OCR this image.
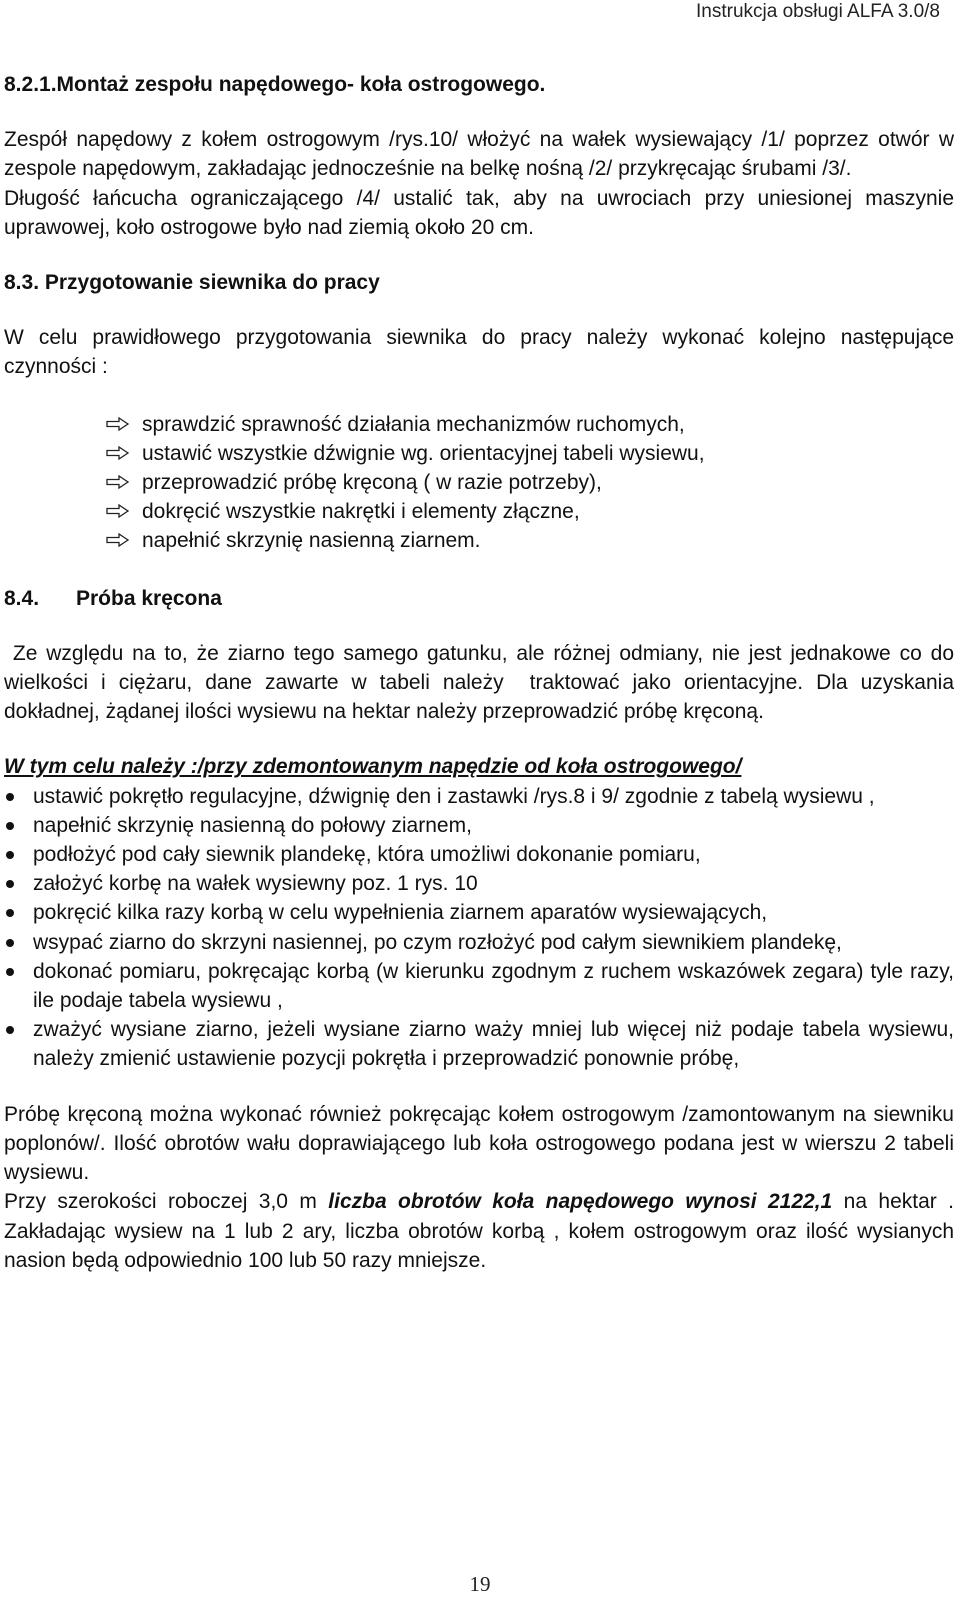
Instrukcja obsługi ALFA 3.0/8

8.2.1.Montaż zespołu napędowego- koła ostrogowego.

Zespół napędowy z kołem ostrogowym /rys.10/ włożyć na wałek wysiewający /1/ poprzez otwór w zespole napędowym, zakładając jednocześnie na belkę nośną /2/ przykręcając śrubami /3/.

Długość łańcucha ograniczającego /4/ ustalić tak, aby na uwrociach przy uniesionej maszynie uprawowej, koło ostrogowe było nad ziemią około 20 cm.

8.3. Przygotowanie siewnika do pracy

W celu prawidłowego przygotowania siewnika do pracy należy wykonać kolejno następujące czynności :

sprawdzić sprawność działania mechanizmów ruchomych,
ustawić wszystkie dźwignie wg. orientacyjnej tabeli wysiewu,
przeprowadzić próbę kręconą ( w razie potrzeby),
dokręcić wszystkie nakrętki i elementy złączne,
napełnić skrzynię nasienną ziarnem.

8.4. Próba kręcona

Ze względu na to, że ziarno tego samego gatunku, ale różnej odmiany, nie jest jednakowe co do wielkości i ciężaru, dane zawarte w tabeli należy  traktować jako orientacyjne. Dla uzyskania dokładnej, żądanej ilości wysiewu na hektar należy przeprowadzić próbę kręconą.

W tym celu należy :/przy zdemontowanym napędzie od koła ostrogowego/

ustawić pokrętło regulacyjne, dźwignię den i zastawki /rys.8 i 9/ zgodnie z tabelą wysiewu ,
napełnić skrzynię nasienną do połowy ziarnem,
podłożyć pod cały siewnik plandekę, która umożliwi dokonanie pomiaru,
założyć korbę na wałek wysiewny poz. 1 rys. 10
pokręcić kilka razy korbą w celu wypełnienia ziarnem aparatów wysiewających,
wsypać ziarno do skrzyni nasiennej, po czym rozłożyć pod całym siewnikiem plandekę,
dokonać pomiaru, pokręcając korbą (w kierunku zgodnym z ruchem wskazówek zegara) tyle razy, ile podaje tabela wysiewu ,
zważyć wysiane ziarno, jeżeli wysiane ziarno waży mniej lub więcej niż podaje tabela wysiewu, należy zmienić ustawienie pozycji pokrętła i przeprowadzić ponownie próbę,

Próbę kręconą można wykonać również pokręcając kołem ostrogowym /zamontowanym na siewniku poplonów/. Ilość obrotów wału doprawiającego lub koła ostrogowego podana jest w wierszu 2 tabeli wysiewu.

Przy szerokości roboczej 3,0 m liczba obrotów koła napędowego wynosi 2122,1 na hektar . Zakładając wysiew na 1 lub 2 ary, liczba obrotów korbą , kołem ostrogowym oraz ilość wysianych nasion będą odpowiednio 100 lub 50 razy mniejsze.

19
